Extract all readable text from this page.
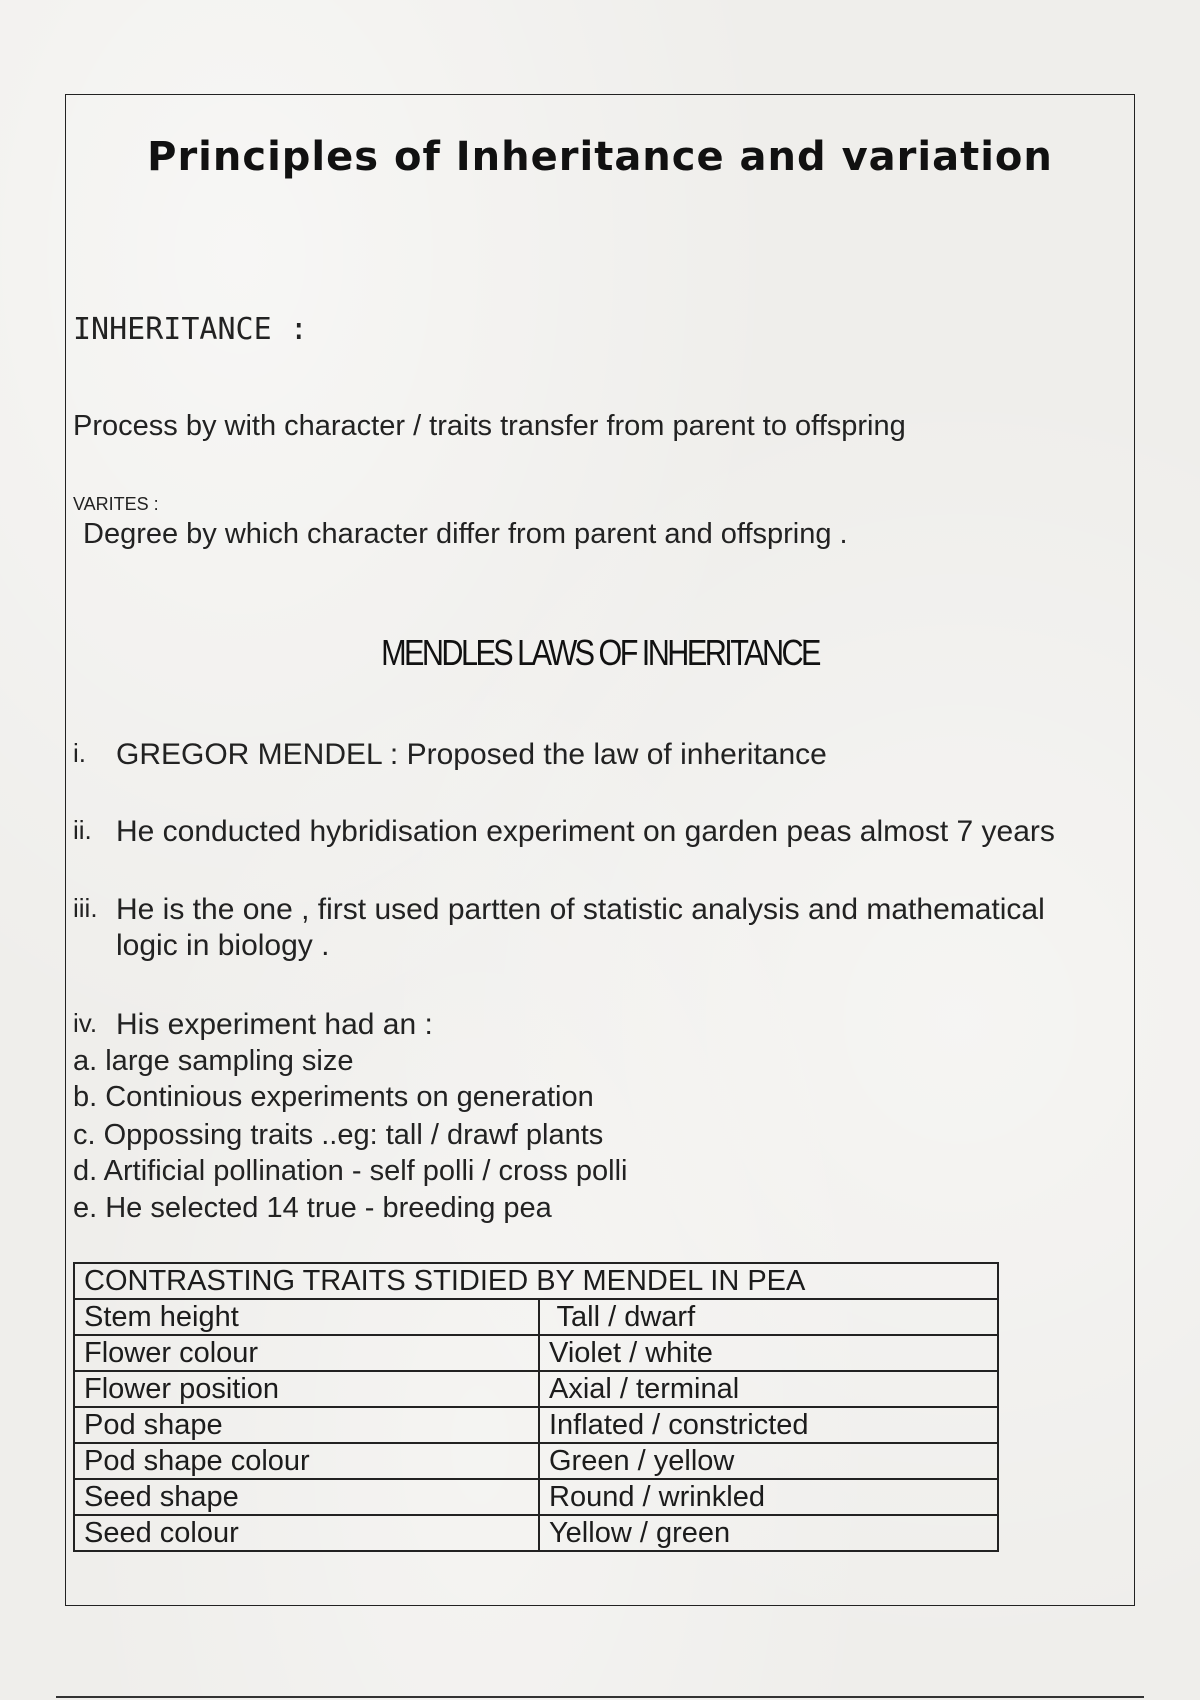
Principles of Inheritance and variation
INHERITANCE :
Process by with character / traits transfer from parent to offspring
VARITES :
Degree by which character differ from parent and offspring .
MENDLES LAWS OF INHERITANCE
i. GREGOR MENDEL : Proposed the law of inheritance
ii. He conducted hybridisation experiment on garden peas almost 7 years
iii. He is the one , first used partten of statistic analysis and mathematical
logic in biology .
iv. His experiment had an :
a. large sampling size
b. Continious experiments on generation
c. Oppossing traits ..eg: tall / drawf plants
d. Artificial pollination - self polli / cross polli
e. He selected 14 true - breeding pea
CONTRASTING TRAITS STIDIED BY MENDEL IN PEA	
Stem height	Tall / dwarf
Flower colour	Violet / white
Flower position	Axial / terminal
Pod shape	Inflated / constricted
Pod shape colour	Green / yellow
Seed shape	Round / wrinkled
Seed colour	Yellow / green
